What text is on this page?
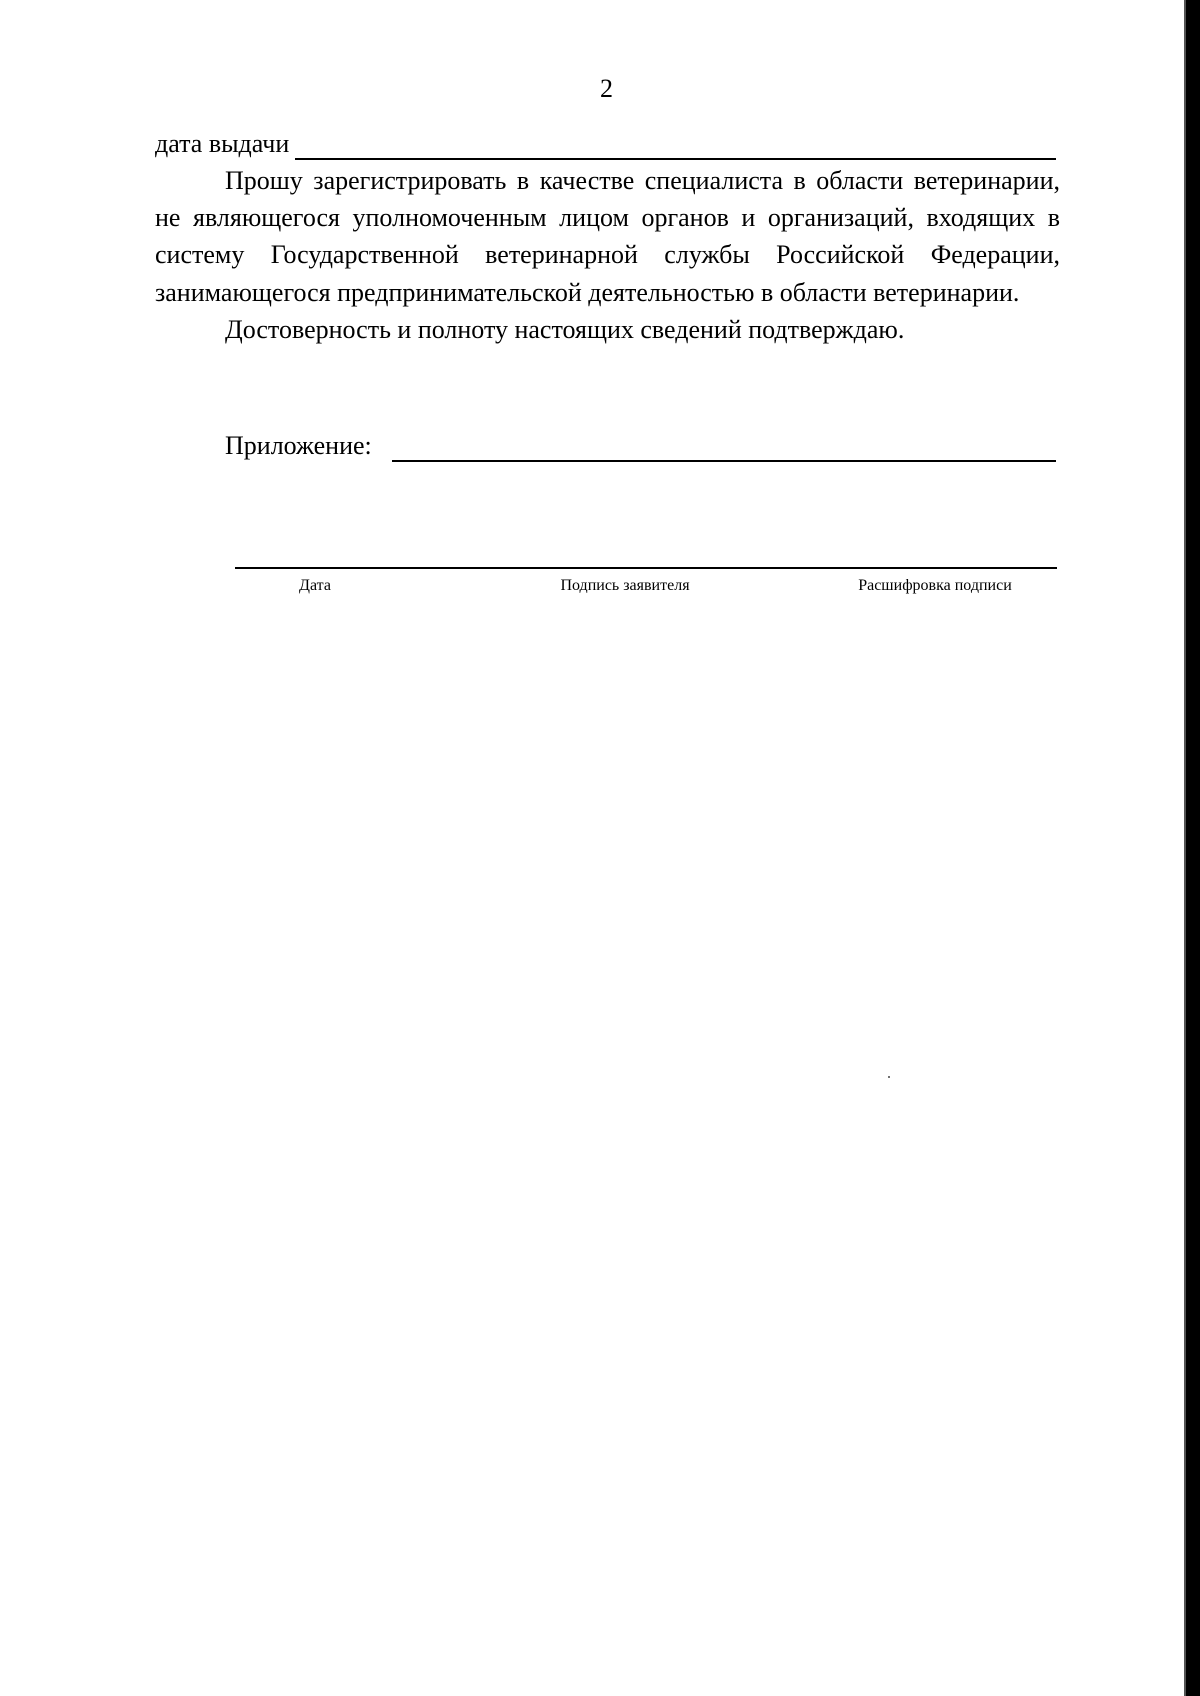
2
дата выдачи

Прошу зарегистрировать в качестве специалиста в области ветеринарии, не являющегося уполномоченным лицом органов и организаций, входящих в систему Государственной ветеринарной службы Российской Федерации, занимающегося предпринимательской деятельностью в области ветеринарии.

Достоверность и полноту настоящих сведений подтверждаю.

Приложение:
Дата	Подпись заявителя	Расшифровка подписи
